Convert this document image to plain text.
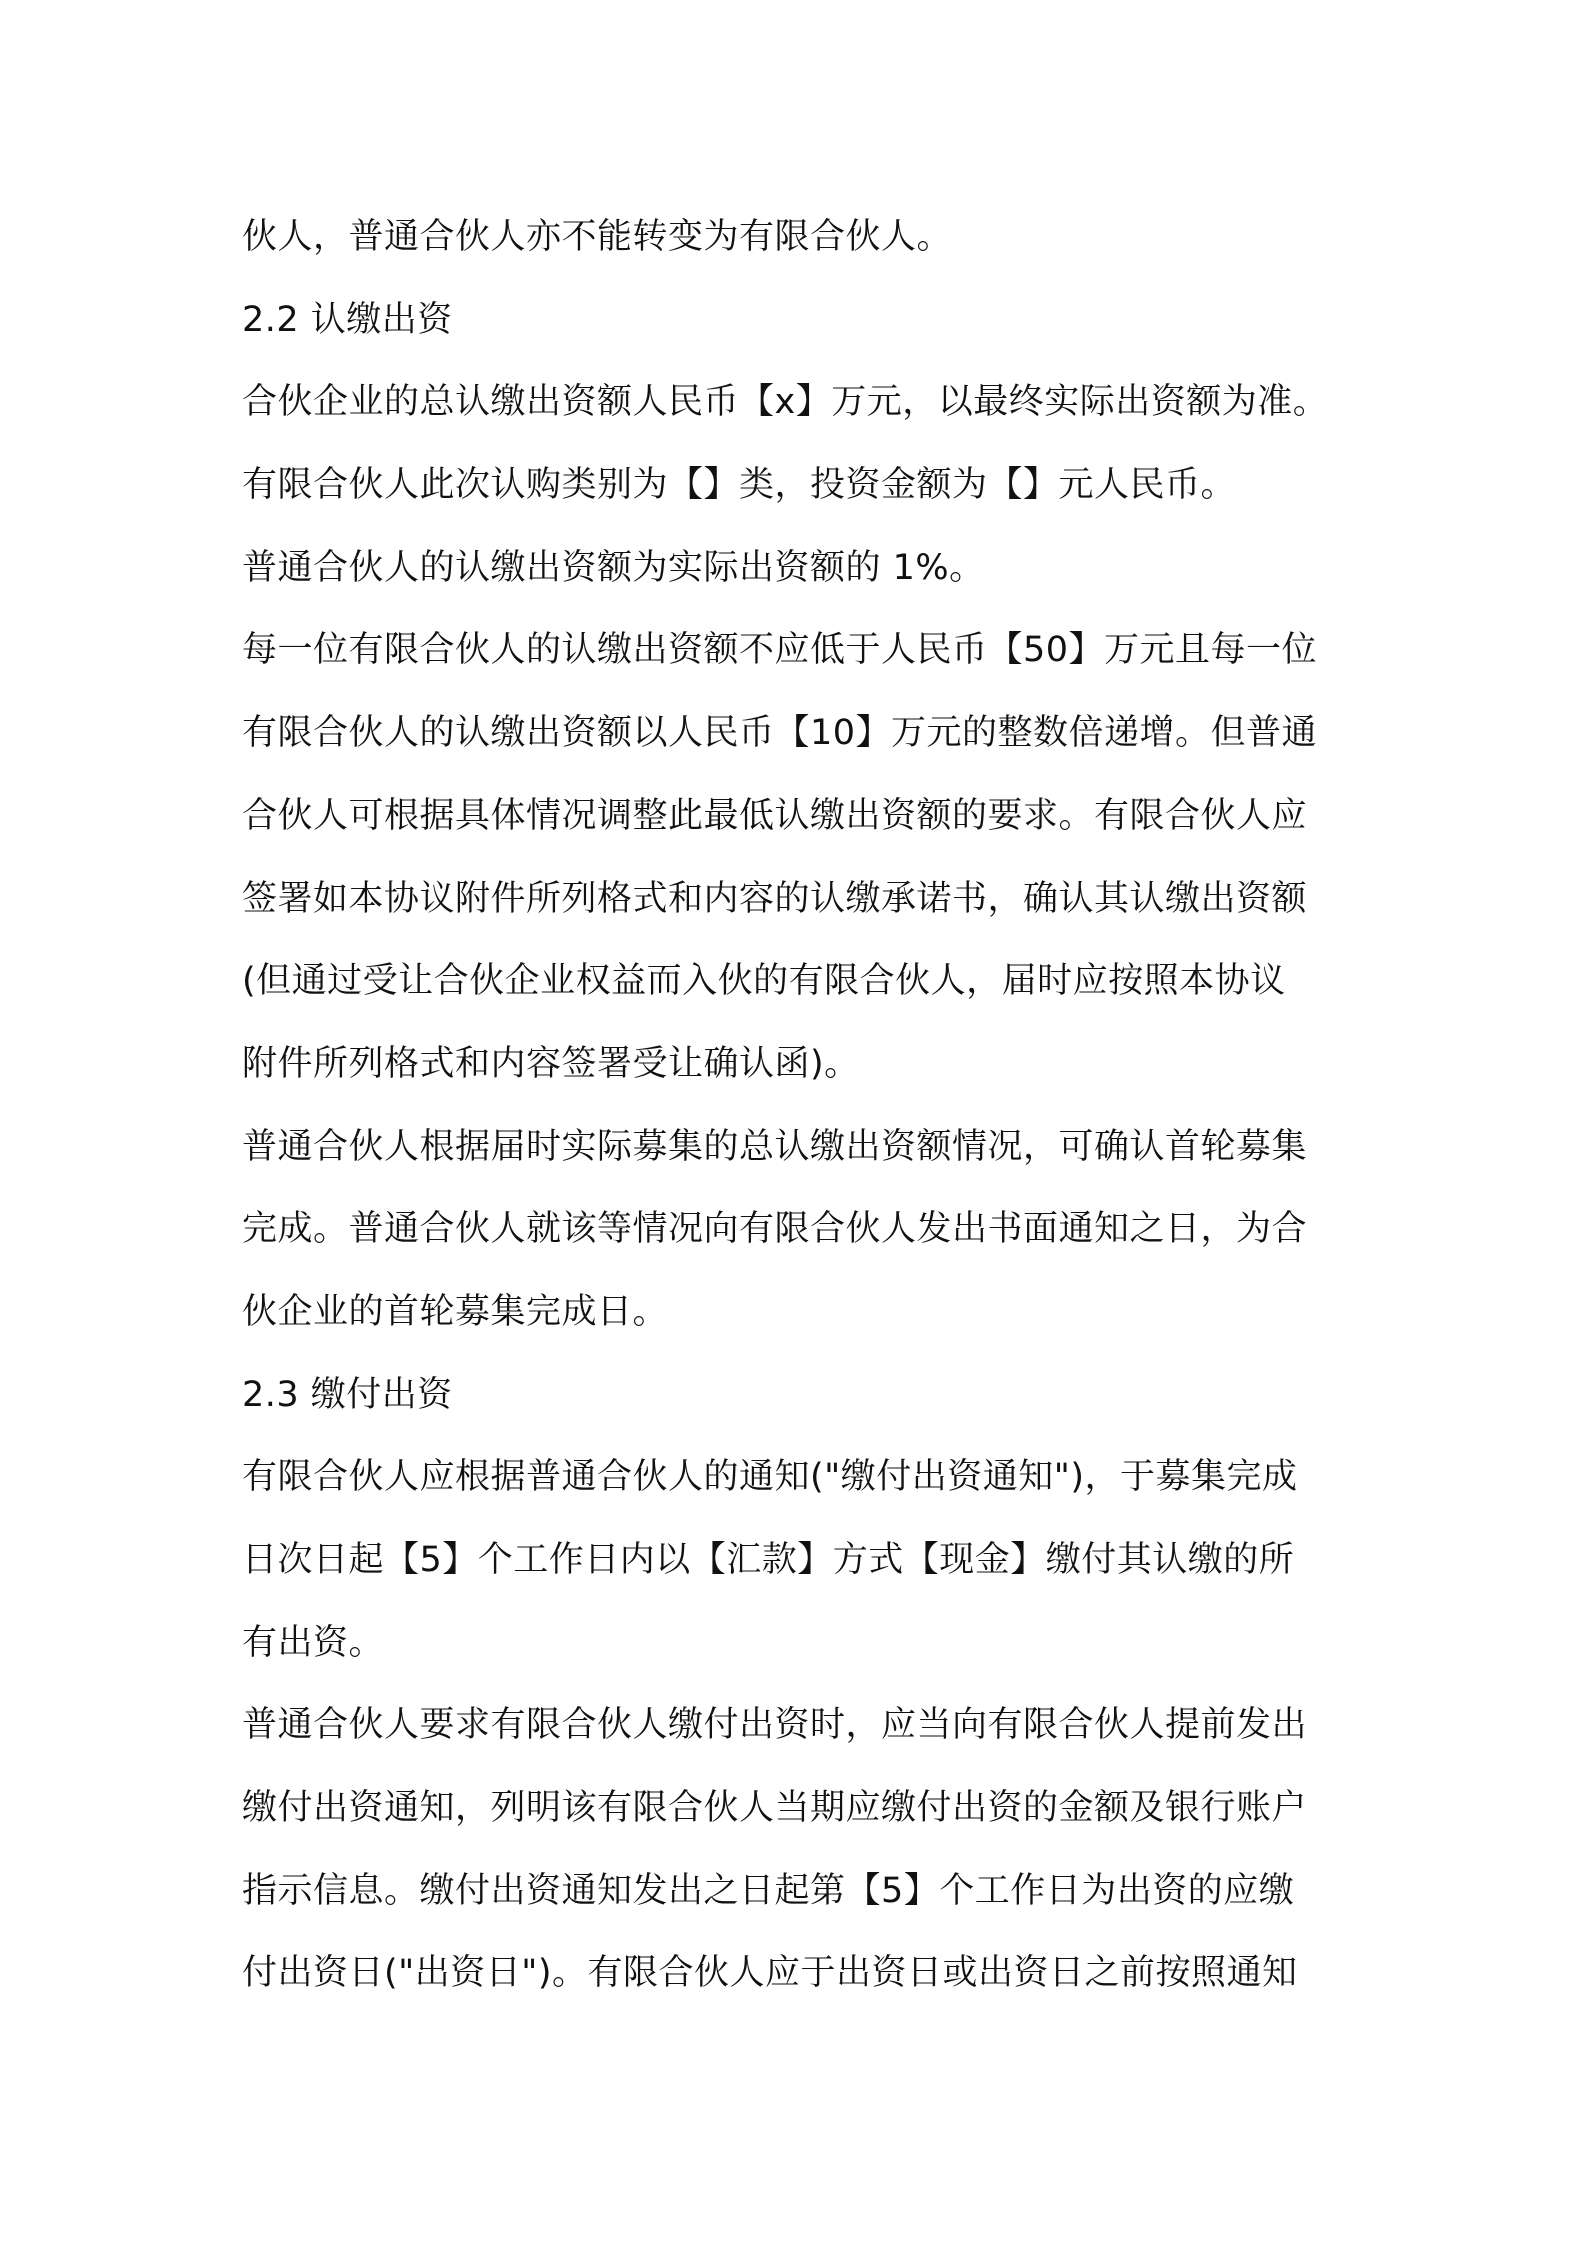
伙人，普通合伙人亦不能转变为有限合伙人。
2.2 认缴出资
合伙企业的总认缴出资额人民币【x】万元，以最终实际出资额为准。
有限合伙人此次认购类别为【】类，投资金额为【】元人民币。
普通合伙人的认缴出资额为实际出资额的 1%。
每一位有限合伙人的认缴出资额不应低于人民币【50】万元且每一位
有限合伙人的认缴出资额以人民币【10】万元的整数倍递增。但普通
合伙人可根据具体情况调整此最低认缴出资额的要求。有限合伙人应
签署如本协议附件所列格式和内容的认缴承诺书，确认其认缴出资额
(但通过受让合伙企业权益而入伙的有限合伙人，届时应按照本协议
附件所列格式和内容签署受让确认函)。
普通合伙人根据届时实际募集的总认缴出资额情况，可确认首轮募集
完成。普通合伙人就该等情况向有限合伙人发出书面通知之日，为合
伙企业的首轮募集完成日。
2.3 缴付出资
有限合伙人应根据普通合伙人的通知("缴付出资通知")，于募集完成
日次日起【5】个工作日内以【汇款】方式【现金】缴付其认缴的所
有出资。
普通合伙人要求有限合伙人缴付出资时，应当向有限合伙人提前发出
缴付出资通知，列明该有限合伙人当期应缴付出资的金额及银行账户
指示信息。缴付出资通知发出之日起第【5】个工作日为出资的应缴
付出资日("出资日")。有限合伙人应于出资日或出资日之前按照通知
